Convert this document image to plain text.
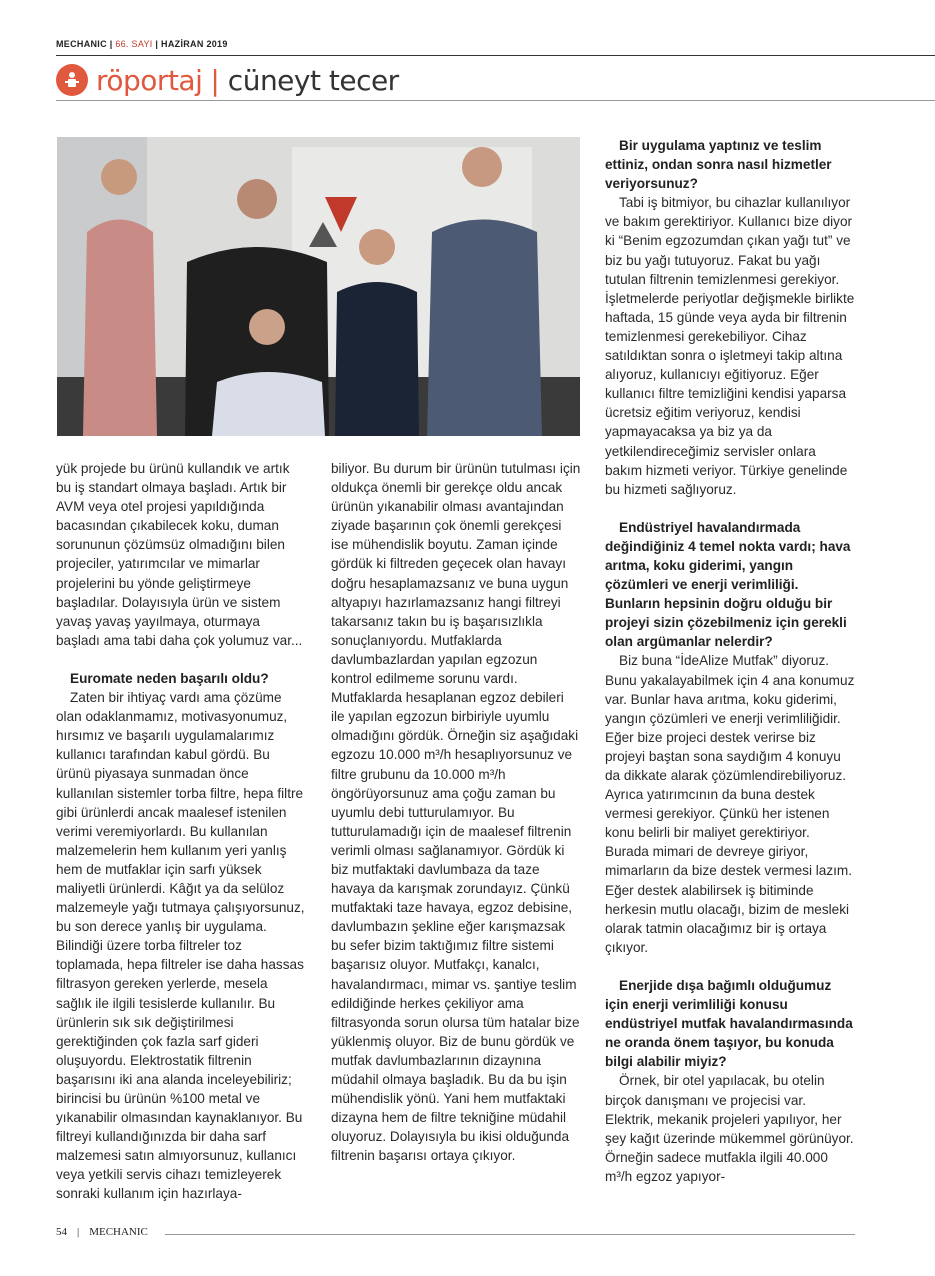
MECHANIC | 66. SAYI | HAZİRAN 2019
röportaj | cüneyt tecer

yük projede bu ürünü kullandık ve artık bu iş standart olmaya başladı. Artık bir AVM veya otel projesi yapıldığında bacasından çıkabilecek koku, duman sorununun çözümsüz olmadığını bilen projeciler, yatırımcılar ve mimarlar projelerini bu yönde geliştirmeye başladılar. Dolayısıyla ürün ve sistem yavaş yavaş yayılmaya, oturmaya başladı ama tabi daha çok yolumuz var...

Euromate neden başarılı oldu?

Zaten bir ihtiyaç vardı ama çözüme olan odaklanmamız, motivasyonumuz, hırsımız ve başarılı uygulamalarımız kullanıcı tarafından kabul gördü. Bu ürünü piyasaya sunmadan önce kullanılan sistemler torba filtre, hepa filtre gibi ürünlerdi ancak maalesef istenilen verimi veremiyorlardı. Bu kullanılan malzemelerin hem kullanım yeri yanlış hem de mutfaklar için sarfı yüksek maliyetli ürünlerdi. Kâğıt ya da selüloz malzemeyle yağı tutmaya çalışıyorsunuz, bu son derece yanlış bir uygulama. Bilindiği üzere torba filtreler toz toplamada, hepa filtreler ise daha hassas filtrasyon gereken yerlerde, mesela sağlık ile ilgili tesislerde kullanılır. Bu ürünlerin sık sık değiştirilmesi gerektiğinden çok fazla sarf gideri oluşuyordu. Elektrostatik filtrenin başarısını iki ana alanda inceleyebiliriz; birincisi bu ürünün %100 metal ve yıkanabilir olmasından kaynaklanıyor. Bu filtreyi kullandığınızda bir daha sarf malzemesi satın almıyorsunuz, kullanıcı veya yetkili servis cihazı temizleyerek sonraki kullanım için hazırlaya-

biliyor. Bu durum bir ürünün tutulması için oldukça önemli bir gerekçe oldu ancak ürünün yıkanabilir olması avantajından ziyade başarının çok önemli gerekçesi ise mühendislik boyutu. Zaman içinde gördük ki filtreden geçecek olan havayı doğru hesaplamazsanız ve buna uygun altyapıyı hazırlamazsanız hangi filtreyi takarsanız takın bu iş başarısızlıkla sonuçlanıyordu. Mutfaklarda davlumbazlardan yapılan egzozun kontrol edilmeme sorunu vardı. Mutfaklarda hesaplanan egzoz debileri ile yapılan egzozun birbiriyle uyumlu olmadığını gördük. Örneğin siz aşağıdaki egzozu 10.000 m³/h hesaplıyorsunuz ve filtre grubunu da 10.000 m³/h öngörüyorsunuz ama çoğu zaman bu uyumlu debi tutturulamıyor. Bu tutturulamadığı için de maalesef filtrenin verimli olması sağlanamıyor. Gördük ki biz mutfaktaki davlumbaza da taze havaya da karışmak zorundayız. Çünkü mutfaktaki taze havaya, egzoz debisine, davlumbazın şekline eğer karışmazsak bu sefer bizim taktığımız filtre sistemi başarısız oluyor. Mutfakçı, kanalcı, havalandırmacı, mimar vs. şantiye teslim edildiğinde herkes çekiliyor ama filtrasyonda sorun olursa tüm hatalar bize yüklenmiş oluyor. Biz de bunu gördük ve mutfak davlumbazlarının dizaynına müdahil olmaya başladık. Bu da bu işin mühendislik yönü. Yani hem mutfaktaki dizayna hem de filtre tekniğine müdahil oluyoruz. Dolayısıyla bu ikisi olduğunda filtrenin başarısı ortaya çıkıyor.

Bir uygulama yaptınız ve teslim ettiniz, ondan sonra nasıl hizmetler veriyorsunuz?

Tabi iş bitmiyor, bu cihazlar kullanılıyor ve bakım gerektiriyor. Kullanıcı bize diyor ki “Benim egzozumdan çıkan yağı tut” ve biz bu yağı tutuyoruz. Fakat bu yağı tutulan filtrenin temizlenmesi gerekiyor. İşletmelerde periyotlar değişmekle birlikte haftada, 15 günde veya ayda bir filtrenin temizlenmesi gerekebiliyor. Cihaz satıldıktan sonra o işletmeyi takip altına alıyoruz, kullanıcıyı eğitiyoruz. Eğer kullanıcı filtre temizliğini kendisi yaparsa ücretsiz eğitim veriyoruz, kendisi yapmayacaksa ya biz ya da yetkilendireceğimiz servisler onlara bakım hizmeti veriyor. Türkiye genelinde bu hizmeti sağlıyoruz.

Endüstriyel havalandırmada değindiğiniz 4 temel nokta vardı; hava arıtma, koku giderimi, yangın çözümleri ve enerji verimliliği. Bunların hepsinin doğru olduğu bir projeyi sizin çözebilmeniz için gerekli olan argümanlar nelerdir?

Biz buna “İdeAlize Mutfak” diyoruz. Bunu yakalayabilmek için 4 ana konumuz var. Bunlar hava arıtma, koku giderimi, yangın çözümleri ve enerji verimliliğidir. Eğer bize projeci destek verirse biz projeyi baştan sona saydığım 4 konuyu da dikkate alarak çözümlendirebiliyoruz. Ayrıca yatırımcının da buna destek vermesi gerekiyor. Çünkü her istenen konu belirli bir maliyet gerektiriyor. Burada mimari de devreye giriyor, mimarların da bize destek vermesi lazım. Eğer destek alabilirsek iş bitiminde herkesin mutlu olacağı, bizim de mesleki olarak tatmin olacağımız bir iş ortaya çıkıyor.

Enerjide dışa bağımlı olduğumuz için enerji verimliliği konusu endüstriyel mutfak havalandırmasında ne oranda önem taşıyor, bu konuda bilgi alabilir miyiz?

Örnek, bir otel yapılacak, bu otelin birçok danışmanı ve projecisi var. Elektrik, mekanik projeleri yapılıyor, her şey kağıt üzerinde mükemmel görünüyor. Örneğin sadece mutfakla ilgili 40.000 m³/h egzoz yapıyor-

54 | MECHANIC
